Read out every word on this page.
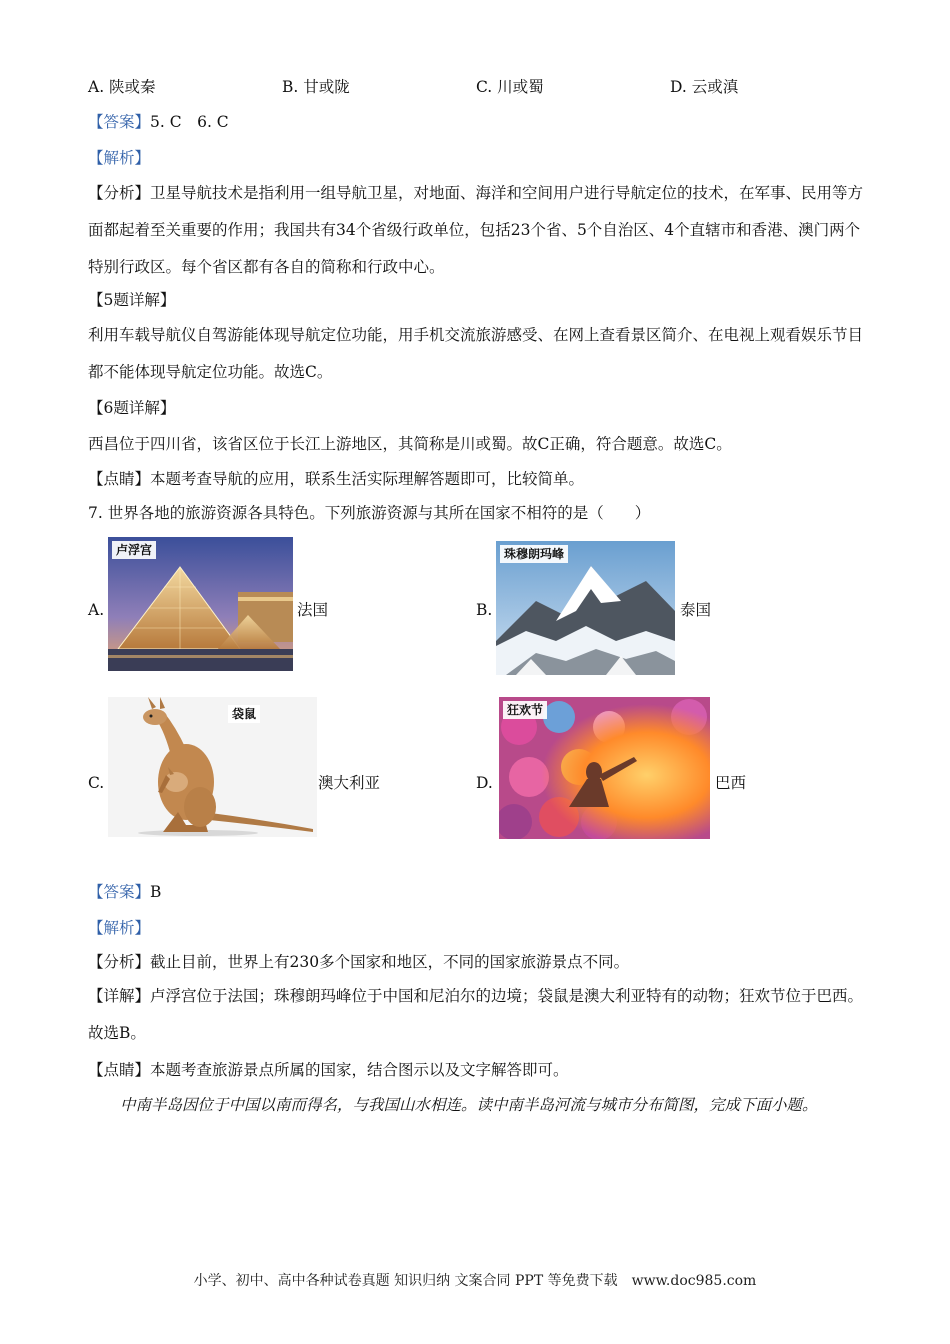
A. 陕或秦	B. 甘或陇	C. 川或蜀	D. 云或滇
【答案】5. C　6. C
【解析】
【分析】卫星导航技术是指利用一组导航卫星，对地面、海洋和空间用户进行导航定位的技术，在军事、民用等方面都起着至关重要的作用；我国共有34个省级行政单位，包括23个省、5个自治区、4个直辖市和香港、澳门两个特别行政区。每个省区都有各自的简称和行政中心。
【5题详解】
利用车载导航仪自驾游能体现导航定位功能，用手机交流旅游感受、在网上查看景区简介、在电视上观看娱乐节目都不能体现导航定位功能。故选C。
【6题详解】
西昌位于四川省，该省区位于长江上游地区，其简称是川或蜀。故C正确，符合题意。故选C。
【点睛】本题考查导航的应用，联系生活实际理解答题即可，比较简单。
7. 世界各地的旅游资源各具特色。下列旅游资源与其所在国家不相符的是（　　）
A.
卢浮宫
法国	B.
珠穆朗玛峰
泰国
C.
袋鼠
澳大利亚	D.
狂欢节
巴西
【答案】B
【解析】
【分析】截止目前，世界上有230多个国家和地区，不同的国家旅游景点不同。
【详解】卢浮宫位于法国；珠穆朗玛峰位于中国和尼泊尔的边境；袋鼠是澳大利亚特有的动物；狂欢节位于巴西。故选B。
【点睛】本题考查旅游景点所属的国家，结合图示以及文字解答即可。
中南半岛因位于中国以南而得名，与我国山水相连。读中南半岛河流与城市分布简图，完成下面小题。
小学、初中、高中各种试卷真题 知识归纳 文案合同 PPT 等免费下载　www.doc985.com
